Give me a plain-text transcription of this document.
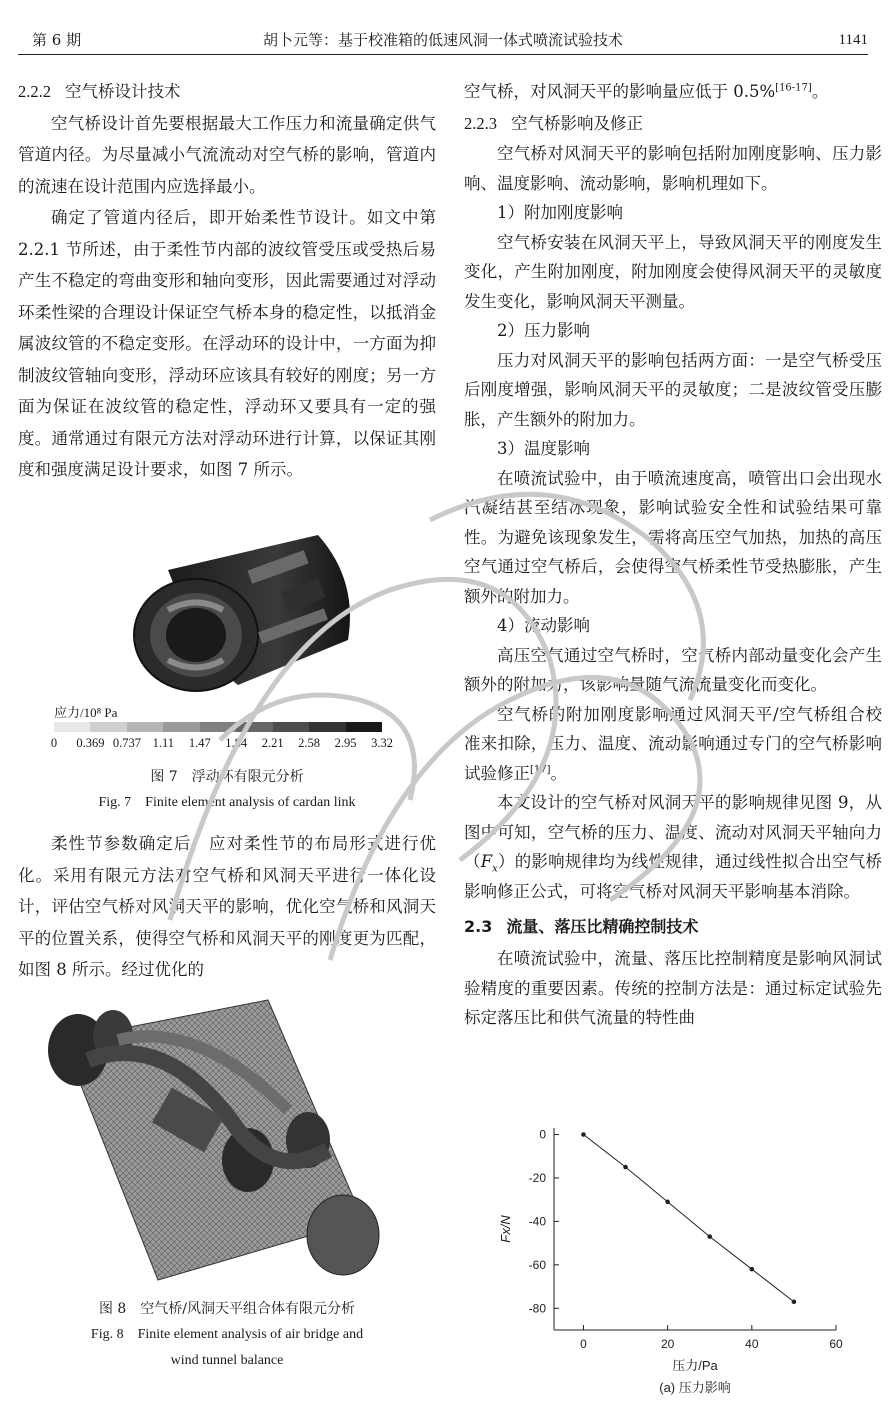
第 6 期	胡卜元等：基于校准箱的低速风洞一体式喷流试验技术	1141
2.2.2 空气桥设计技术

空气桥设计首先要根据最大工作压力和流量确定供气管道内径。为尽量减小气流流动对空气桥的影响，管道内的流速在设计范围内应选择最小。

确定了管道内径后，即开始柔性节设计。如文中第 2.2.1 节所述，由于柔性节内部的波纹管受压或受热后易产生不稳定的弯曲变形和轴向变形，因此需要通过对浮动环柔性梁的合理设计保证空气桥本身的稳定性，以抵消金属波纹管的不稳定变形。在浮动环的设计中，一方面为抑制波纹管轴向变形，浮动环应该具有较好的刚度；另一方面为保证在波纹管的稳定性，浮动环又要具有一定的强度。通常通过有限元方法对浮动环进行计算，以保证其刚度和强度满足设计要求，如图 7 所示。

应力/10⁸ Pa
0 0.369 0.737 1.11 1.47 1.84 2.21 2.58 2.95 3.32
图 7　浮动环有限元分析
Fig. 7　Finite element analysis of cardan link

柔性节参数确定后，应对柔性节的布局形式进行优化。采用有限元方法对空气桥和风洞天平进行一体化设计，评估空气桥对风洞天平的影响，优化空气桥和风洞天平的位置关系，使得空气桥和风洞天平的刚度更为匹配，如图 8 所示。经过优化的

图 8　空气桥/风洞天平组合体有限元分析
Fig. 8　Finite element analysis of air bridge and
wind tunnel balance

空气桥，对风洞天平的影响量应低于 0.5%[16-17]。

2.2.3 空气桥影响及修正

空气桥对风洞天平的影响包括附加刚度影响、压力影响、温度影响、流动影响，影响机理如下。

1）附加刚度影响

空气桥安装在风洞天平上，导致风洞天平的刚度发生变化，产生附加刚度，附加刚度会使得风洞天平的灵敏度发生变化，影响风洞天平测量。

2）压力影响

压力对风洞天平的影响包括两方面：一是空气桥受压后刚度增强，影响风洞天平的灵敏度；二是波纹管受压膨胀，产生额外的附加力。

3）温度影响

在喷流试验中，由于喷流速度高，喷管出口会出现水汽凝结甚至结冰现象，影响试验安全性和试验结果可靠性。为避免该现象发生，需将高压空气加热，加热的高压空气通过空气桥后，会使得空气桥柔性节受热膨胀，产生额外的附加力。

4）流动影响

高压空气通过空气桥时，空气桥内部动量变化会产生额外的附加力，该影响量随气流流量变化而变化。

空气桥的附加刚度影响通过风洞天平/空气桥组合校准来扣除，压力、温度、流动影响通过专门的空气桥影响试验修正[17]。

本文设计的空气桥对风洞天平的影响规律见图 9，从图中可知，空气桥的压力、温度、流动对风洞天平轴向力$(F_x)$的影响规律均为线性规律，通过线性拟合出空气桥影响修正公式，可将空气桥对风洞天平影响基本消除。

2.3 流量、落压比精确控制技术

在喷流试验中，流量、落压比控制精度是影响风洞试验精度的重要因素。传统的控制方法是：通过标定试验先标定落压比和供气流量的特性曲

0
-20
-40
-60
-80
0	20	40	60
压力/Pa
Fx/N
(a) 压力影响
